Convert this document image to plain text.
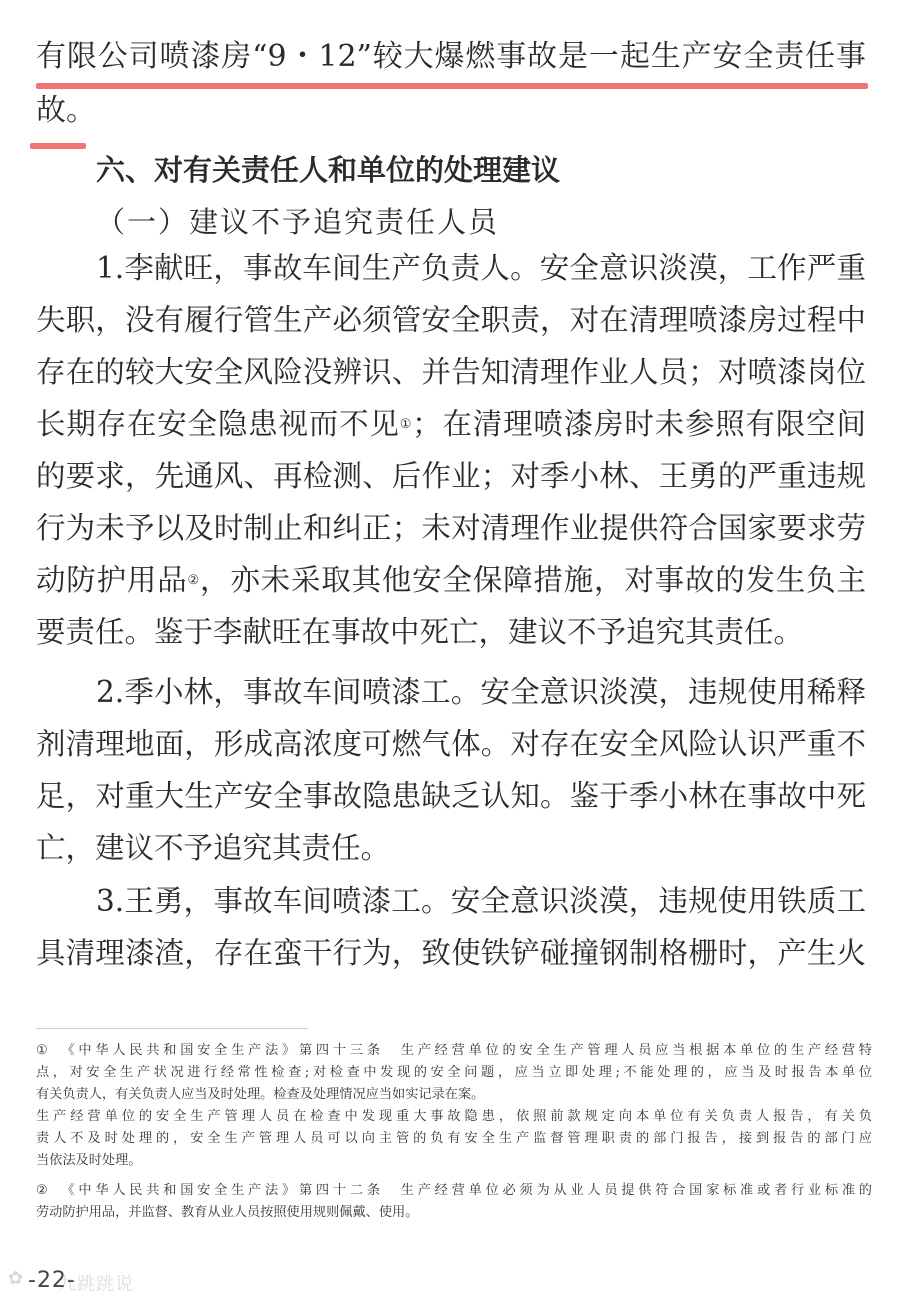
有限公司喷漆房“9・12”较大爆燃事故是一起生产安全责任事
故。
六、对有关责任人和单位的处理建议
（一）建议不予追究责任人员
1.李献旺，事故车间生产负责人。安全意识淡漠，工作严重
失职，没有履行管生产必须管安全职责，对在清理喷漆房过程中
存在的较大安全风险没辨识、并告知清理作业人员；对喷漆岗位
长期存在安全隐患视而不见①；在清理喷漆房时未参照有限空间
的要求，先通风、再检测、后作业；对季小林、王勇的严重违规
行为未予以及时制止和纠正；未对清理作业提供符合国家要求劳
动防护用品②，亦未采取其他安全保障措施，对事故的发生负主
要责任。鉴于李献旺在事故中死亡，建议不予追究其责任。
2.季小林，事故车间喷漆工。安全意识淡漠，违规使用稀释
剂清理地面，形成高浓度可燃气体。对存在安全风险认识严重不
足，对重大生产安全事故隐患缺乏认知。鉴于季小林在事故中死
亡，建议不予追究其责任。
3.王勇，事故车间喷漆工。安全意识淡漠，违规使用铁质工
具清理漆渣，存在蛮干行为，致使铁铲碰撞钢制格栅时，产生火
① 《中华人民共和国安全生产法》第四十三条　生产经营单位的安全生产管理人员应当根据本单位的生产经营特
点，对安全生产状况进行经常性检查;对检查中发现的安全问题，应当立即处理;不能处理的，应当及时报告本单位
有关负责人，有关负责人应当及时处理。检查及处理情况应当如实记录在案。
生产经营单位的安全生产管理人员在检查中发现重大事故隐患，依照前款规定向本单位有关负责人报告，有关负
责人不及时处理的，安全生产管理人员可以向主管的负有安全生产监督管理职责的部门报告，接到报告的部门应
当依法及时处理。
② 《中华人民共和国安全生产法》第四十二条　生产经营单位必须为从业人员提供符合国家标准或者行业标准的
劳动防护用品，并监督、教育从业人员按照使用规则佩戴、使用。
✿ 九跳跳说
-22-
